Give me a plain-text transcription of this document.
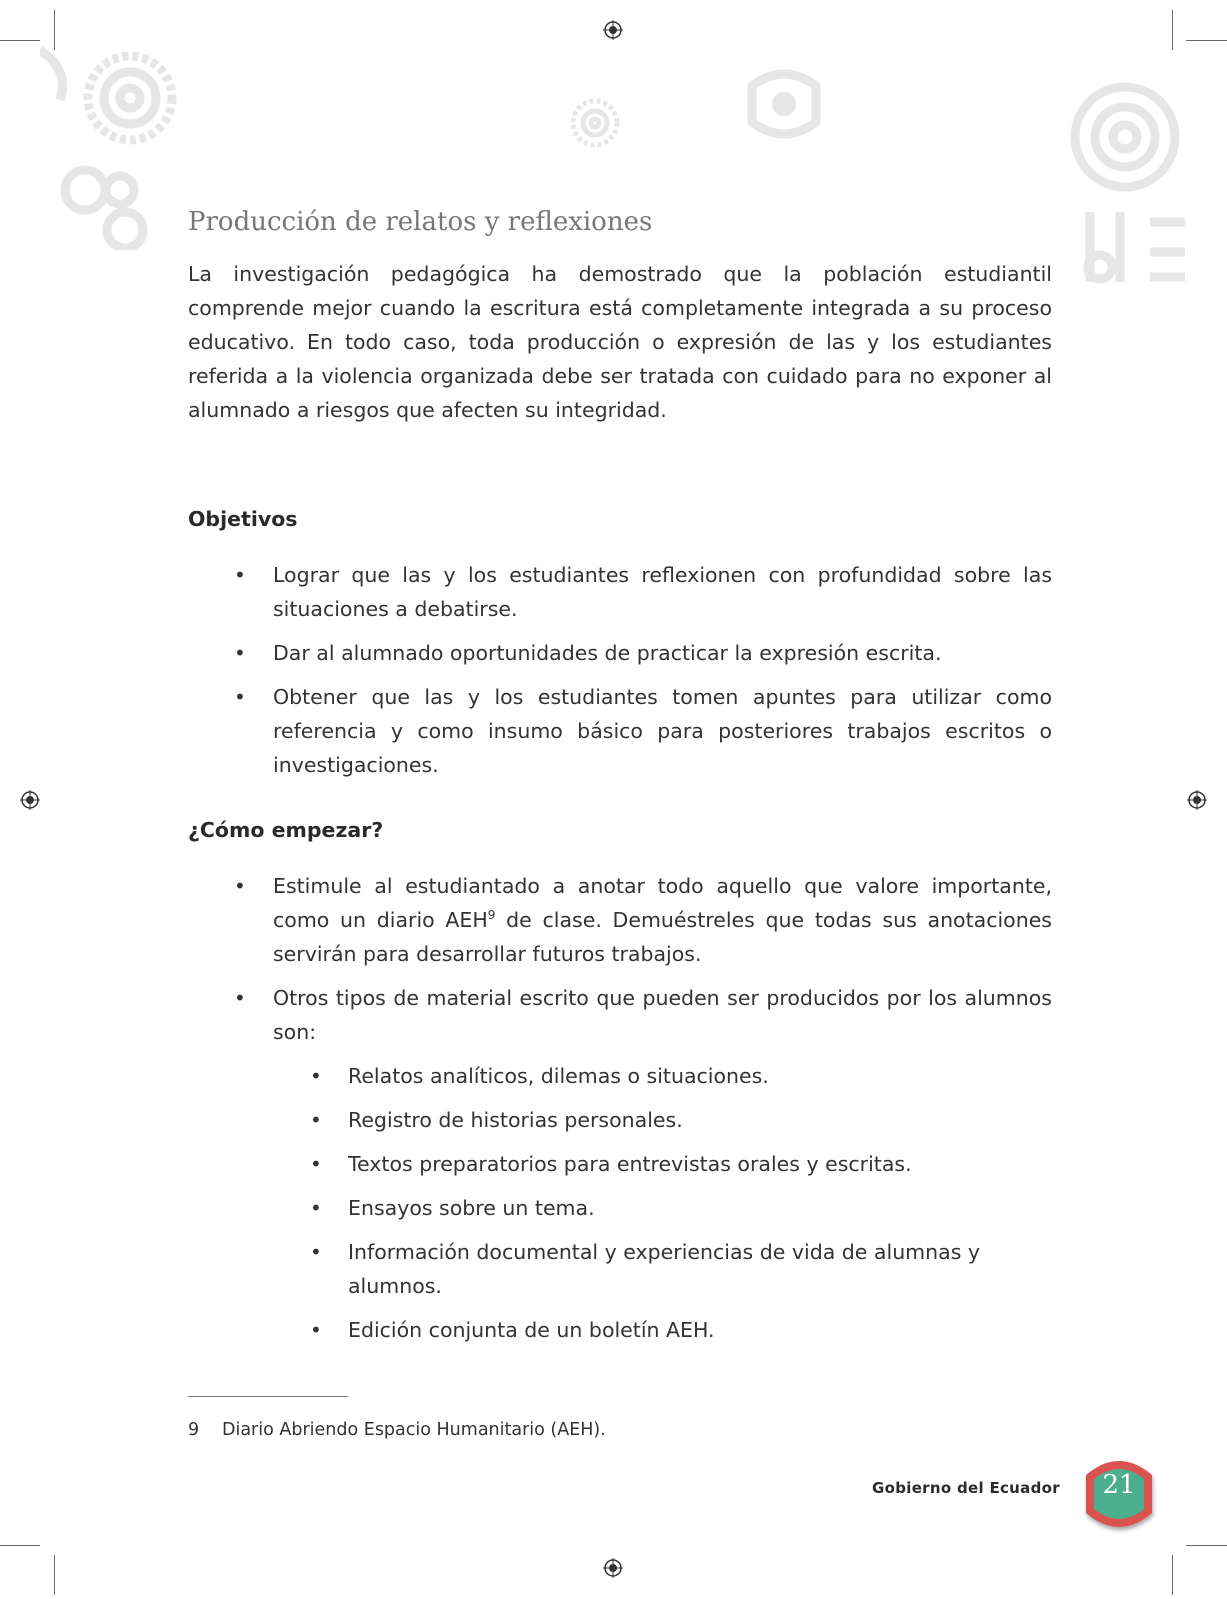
Producción de relatos y reflexiones
La investigación pedagógica ha demostrado que la población estudiantil comprende mejor cuando la escritura está completamente integrada a su proceso educativo. En todo caso, toda producción o expresión de las y los estudiantes referida a la violencia organizada debe ser tratada con cuidado para no exponer al alumnado a riesgos que afecten su integridad.
Objetivos
• Lograr que las y los estudiantes reflexionen con profundidad sobre las situaciones a debatirse.
• Dar al alumnado oportunidades de practicar la expresión escrita.
• Obtener que las y los estudiantes tomen apuntes para utilizar como referencia y como insumo básico para posteriores trabajos escritos o investigaciones.
¿Cómo empezar?
• Estimule al estudiantado a anotar todo aquello que valore importante, como un diario AEH$^9$ de clase. Demuéstreles que todas sus anotaciones servirán para desarrollar futuros trabajos.
• Otros tipos de material escrito que pueden ser producidos por los alumnos son:
• Relatos analíticos, dilemas o situaciones.
• Registro de historias personales.
• Textos preparatorios para entrevistas orales y escritas.
• Ensayos sobre un tema.
• Información documental y experiencias de vida de alumnas y alumnos.
• Edición conjunta de un boletín AEH.
9 Diario Abriendo Espacio Humanitario (AEH).
Gobierno del Ecuador	21
